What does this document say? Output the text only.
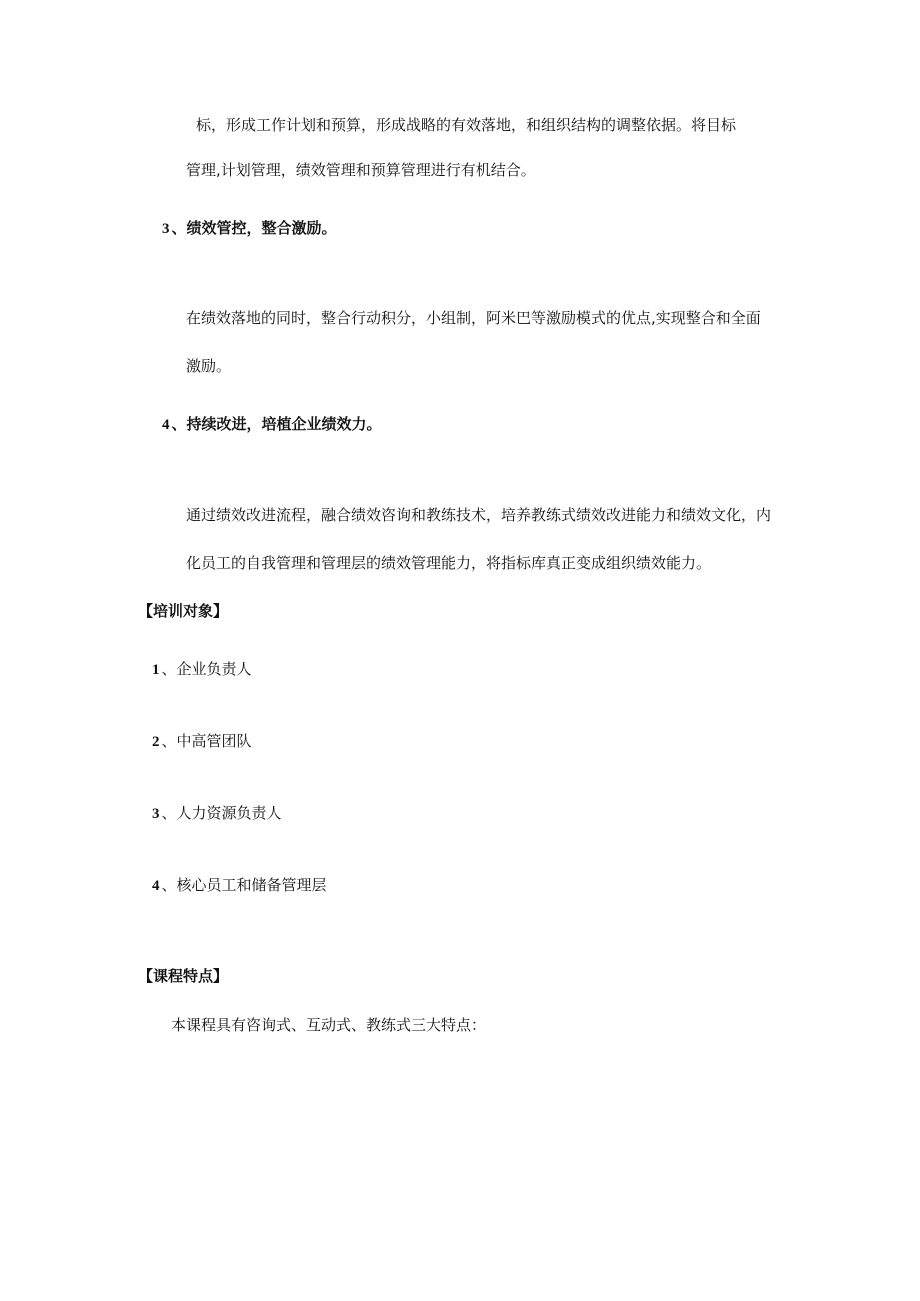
标，形成工作计划和预算，形成战略的有效落地，和组织结构的调整依据。将目标
管理,计划管理，绩效管理和预算管理进行有机结合。
3 、绩效管控，整合激励。
在绩效落地的同时，整合行动积分，小组制，阿米巴等激励模式的优点,实现整合和全面
激励。
4 、持续改进，培植企业绩效力。
通过绩效改进流程，融合绩效咨询和教练技术，培养教练式绩效改进能力和绩效文化，内
化员工的自我管理和管理层的绩效管理能力，将指标库真正变成组织绩效能力。
【培训对象】
1 、企业负责人
2 、中高管团队
3 、人力资源负责人
4 、核心员工和储备管理层
【课程特点】
本课程具有咨询式、互动式、教练式三大特点：
